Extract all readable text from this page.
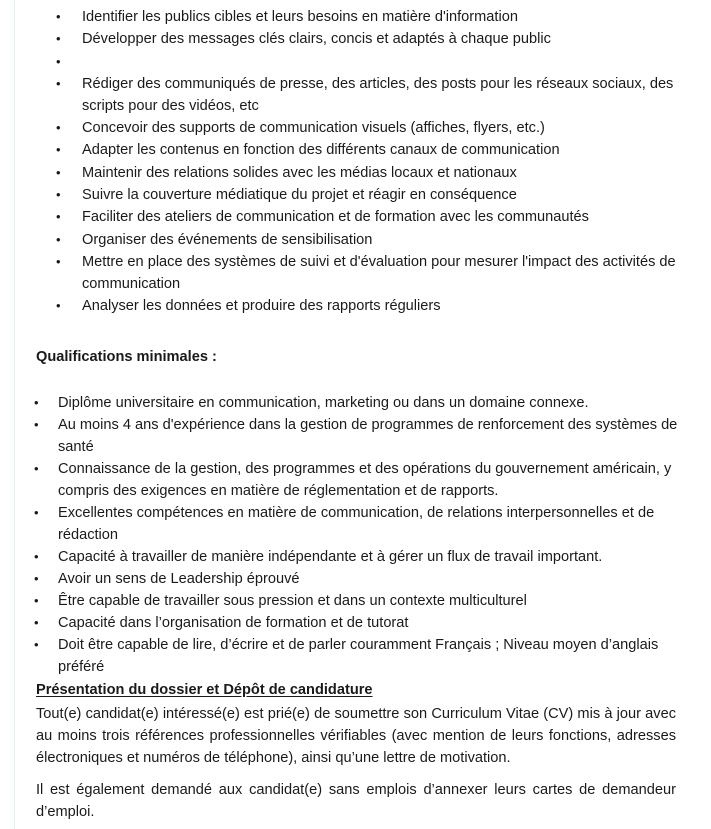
• Identifier les publics cibles et leurs besoins en matière d'information
• Développer des messages clés clairs, concis et adaptés à chaque public
•
• Rédiger des communiqués de presse, des articles, des posts pour les réseaux sociaux, des scripts pour des vidéos, etc
• Concevoir des supports de communication visuels (affiches, flyers, etc.)
• Adapter les contenus en fonction des différents canaux de communication
• Maintenir des relations solides avec les médias locaux et nationaux
• Suivre la couverture médiatique du projet et réagir en conséquence
• Faciliter des ateliers de communication et de formation avec les communautés
• Organiser des événements de sensibilisation
• Mettre en place des systèmes de suivi et d'évaluation pour mesurer l'impact des activités de communication
• Analyser les données et produire des rapports réguliers
Qualifications minimales :
• Diplôme universitaire en communication, marketing ou dans un domaine connexe.
• Au moins 4 ans d'expérience dans la gestion de programmes de renforcement des systèmes de santé
• Connaissance de la gestion, des programmes et des opérations du gouvernement américain, y compris des exigences en matière de réglementation et de rapports.
• Excellentes compétences en matière de communication, de relations interpersonnelles et de rédaction
• Capacité à travailler de manière indépendante et à gérer un flux de travail important.
• Avoir un sens de Leadership éprouvé
• Être capable de travailler sous pression et dans un contexte multiculturel
• Capacité dans l’organisation de formation et de tutorat
• Doit être capable de lire, d’écrire et de parler couramment Français ; Niveau moyen d’anglais préféré
Présentation du dossier et Dépôt de candidature

Tout(e) candidat(e) intéressé(e) est prié(e) de soumettre son Curriculum Vitae (CV) mis à jour avec au moins trois références professionnelles vérifiables (avec mention de leurs fonctions, adresses électroniques et numéros de téléphone), ainsi qu’une lettre de motivation.

Il est également demandé aux candidat(e) sans emplois d’annexer leurs cartes de demandeur d’emploi.
